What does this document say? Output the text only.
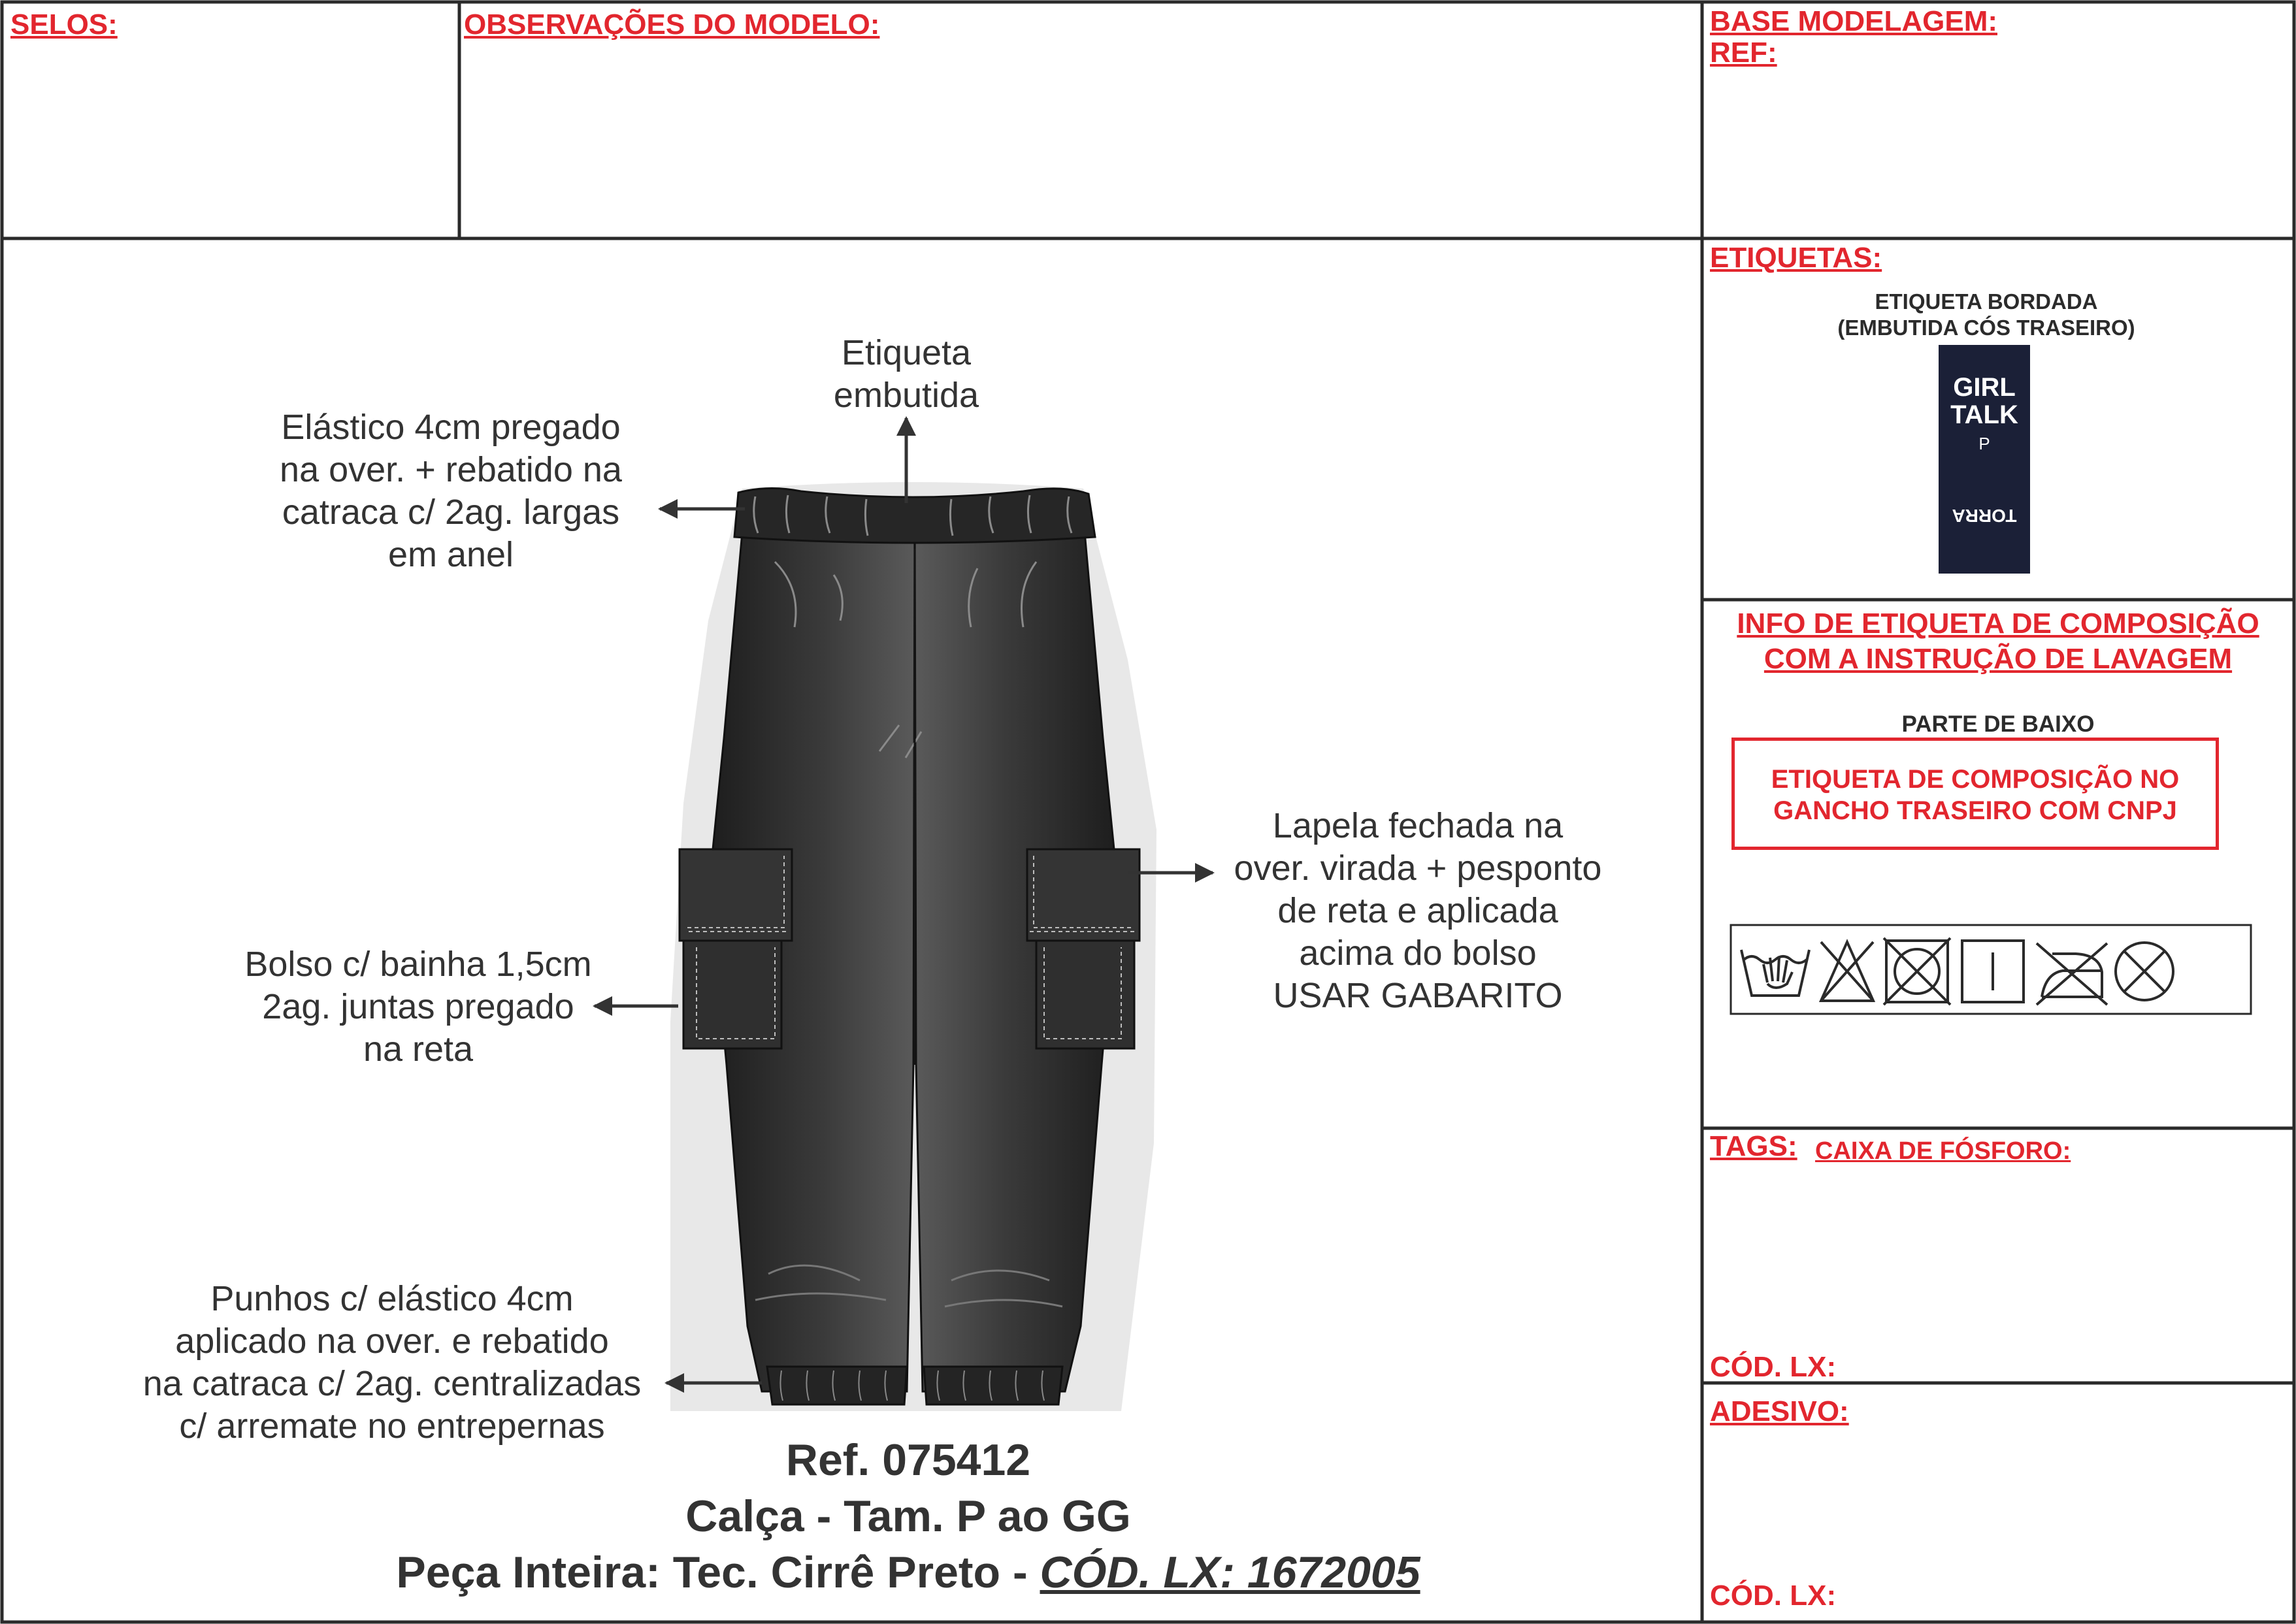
SELOS:	OBSERVAÇÕES DO MODELO:	BASE MODELAGEM:
REF:
ETIQUETAS:
ETIQUETA BORDADA
(EMBUTIDA CÓS TRASEIRO)
GIRL
TALK
P
TORRA
INFO DE ETIQUETA DE COMPOSIÇÃO
COM A INSTRUÇÃO DE LAVAGEM
PARTE DE BAIXO
ETIQUETA DE COMPOSIÇÃO NO
GANCHO TRASEIRO COM CNPJ
TAGS: CAIXA DE FÓSFORO:
CÓD. LX:
ADESIVO:
CÓD. LX:
Etiqueta
embutida
Elástico 4cm pregado
na over. + rebatido na
catraca c/ 2ag. largas
em anel
Bolso c/ bainha 1,5cm
2ag. juntas pregado
na reta
Lapela fechada na
over. virada + pesponto
de reta e aplicada
acima do bolso
USAR GABARITO
Punhos c/ elástico 4cm
aplicado na over. e rebatido
na catraca c/ 2ag. centralizadas
c/ arremate no entrepernas
Ref. 075412
Calça - Tam. P ao GG
Peça Inteira: Tec. Cirrê Preto - CÓD. LX: 1672005
